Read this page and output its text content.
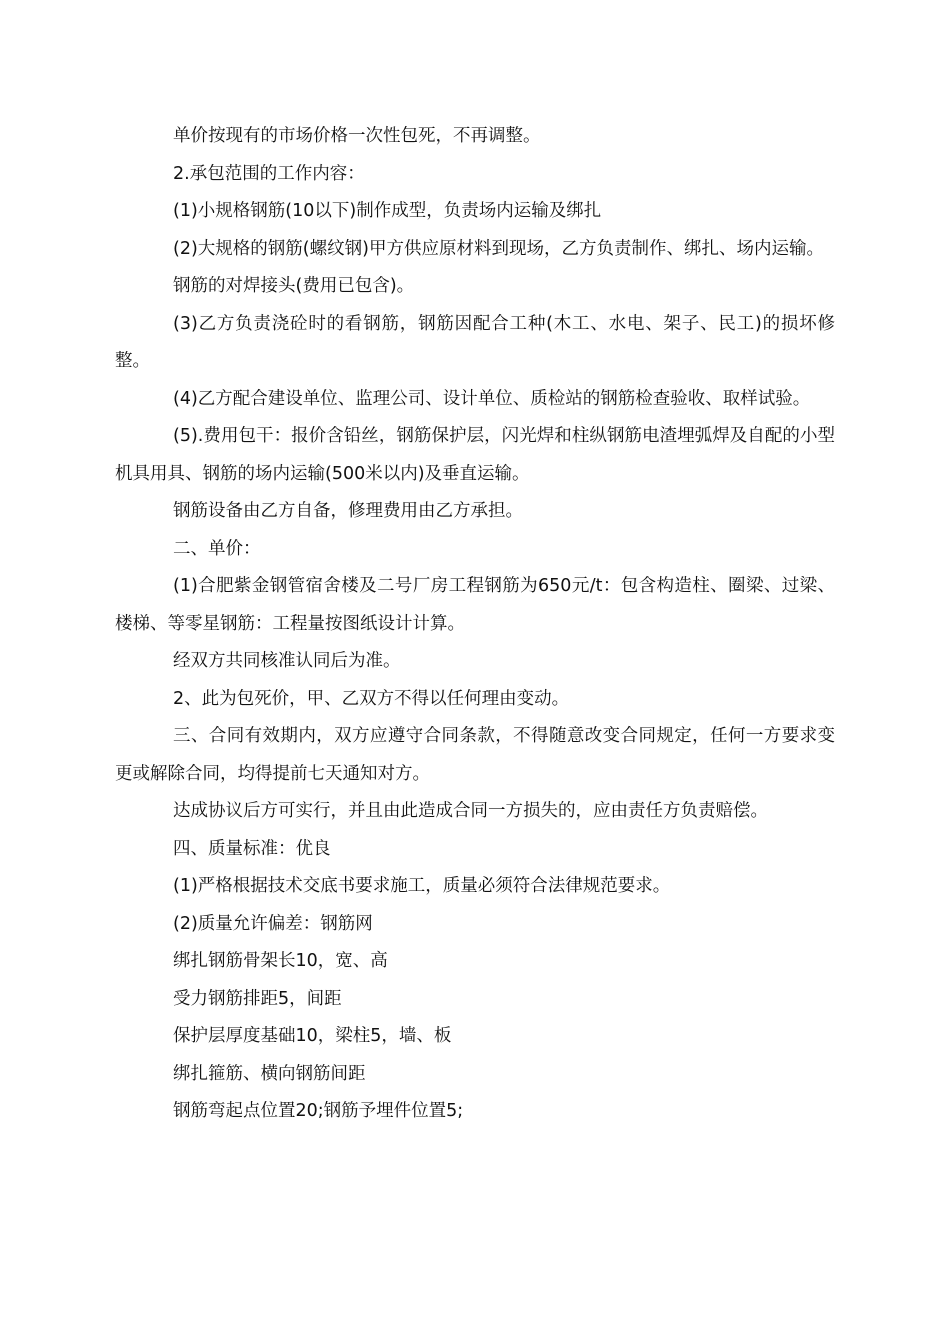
单价按现有的市场价格一次性包死，不再调整。

2.承包范围的工作内容：

(1)小规格钢筋(10以下)制作成型，负责场内运输及绑扎

(2)大规格的钢筋(螺纹钢)甲方供应原材料到现场，乙方负责制作、绑扎、场内运输。

钢筋的对焊接头(费用已包含)。

(3)乙方负责浇砼时的看钢筋，钢筋因配合工种(木工、水电、架子、民工)的损坏修整。

(4)乙方配合建设单位、监理公司、设计单位、质检站的钢筋检查验收、取样试验。

(5).费用包干：报价含铅丝，钢筋保护层，闪光焊和柱纵钢筋电渣埋弧焊及自配的小型机具用具、钢筋的场内运输(500米以内)及垂直运输。

钢筋设备由乙方自备，修理费用由乙方承担。

二、单价：

(1)合肥紫金钢管宿舍楼及二号厂房工程钢筋为650元/t：包含构造柱、圈梁、过梁、楼梯、等零星钢筋：工程量按图纸设计计算。

经双方共同核准认同后为准。

2、此为包死价，甲、乙双方不得以任何理由变动。

三、合同有效期内，双方应遵守合同条款，不得随意改变合同规定，任何一方要求变更或解除合同，均得提前七天通知对方。

达成协议后方可实行，并且由此造成合同一方损失的，应由责任方负责赔偿。

四、质量标准：优良

(1)严格根据技术交底书要求施工，质量必须符合法律规范要求。

(2)质量允许偏差：钢筋网

绑扎钢筋骨架长10，宽、高

受力钢筋排距5，间距

保护层厚度基础10，梁柱5，墙、板

绑扎箍筋、横向钢筋间距

钢筋弯起点位置20;钢筋予埋件位置5;
